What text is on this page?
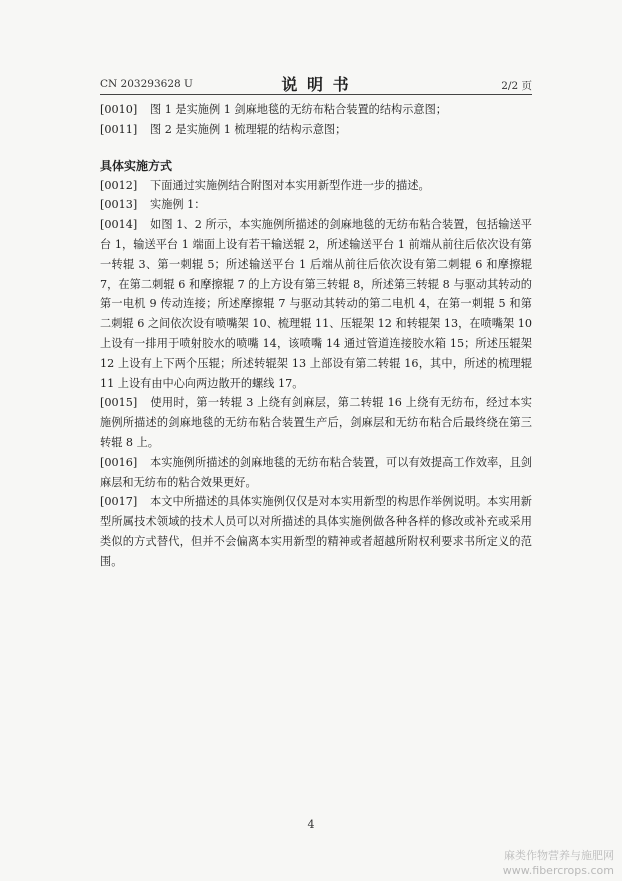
CN 203293628 U	说 明 书	2/2 页

[0010] 图 1 是实施例 1 剑麻地毯的无纺布粘合装置的结构示意图；

[0011] 图 2 是实施例 1 梳理辊的结构示意图；

具体实施方式

[0012] 下面通过实施例结合附图对本实用新型作进一步的描述。

[0013] 实施例 1：

[0014] 如图 1、2 所示，本实施例所描述的剑麻地毯的无纺布粘合装置，包括输送平台 1，输送平台 1 端面上设有若干输送辊 2，所述输送平台 1 前端从前往后依次设有第一转辊 3、第一刺辊 5；所述输送平台 1 后端从前往后依次设有第二刺辊 6 和摩擦辊 7，在第二刺辊 6 和摩擦辊 7 的上方设有第三转辊 8，所述第三转辊 8 与驱动其转动的第一电机 9 传动连接；所述摩擦辊 7 与驱动其转动的第二电机 4，在第一刺辊 5 和第二刺辊 6 之间依次设有喷嘴架 10、梳理辊 11、压辊架 12 和转辊架 13，在喷嘴架 10 上设有一排用于喷射胶水的喷嘴 14，该喷嘴 14 通过管道连接胶水箱 15；所述压辊架 12 上设有上下两个压辊；所述转辊架 13 上部设有第二转辊 16，其中，所述的梳理辊 11 上设有由中心向两边散开的螺线 17。

[0015] 使用时，第一转辊 3 上绕有剑麻层，第二转辊 16 上绕有无纺布，经过本实施例所描述的剑麻地毯的无纺布粘合装置生产后，剑麻层和无纺布粘合后最终绕在第三转辊 8 上。

[0016] 本实施例所描述的剑麻地毯的无纺布粘合装置，可以有效提高工作效率，且剑麻层和无纺布的粘合效果更好。

[0017] 本文中所描述的具体实施例仅仅是对本实用新型的构思作举例说明。本实用新型所属技术领域的技术人员可以对所描述的具体实施例做各种各样的修改或补充或采用类似的方式替代，但并不会偏离本实用新型的精神或者超越所附权利要求书所定义的范围。

4
麻类作物营养与施肥网
www.fibercrops.com
